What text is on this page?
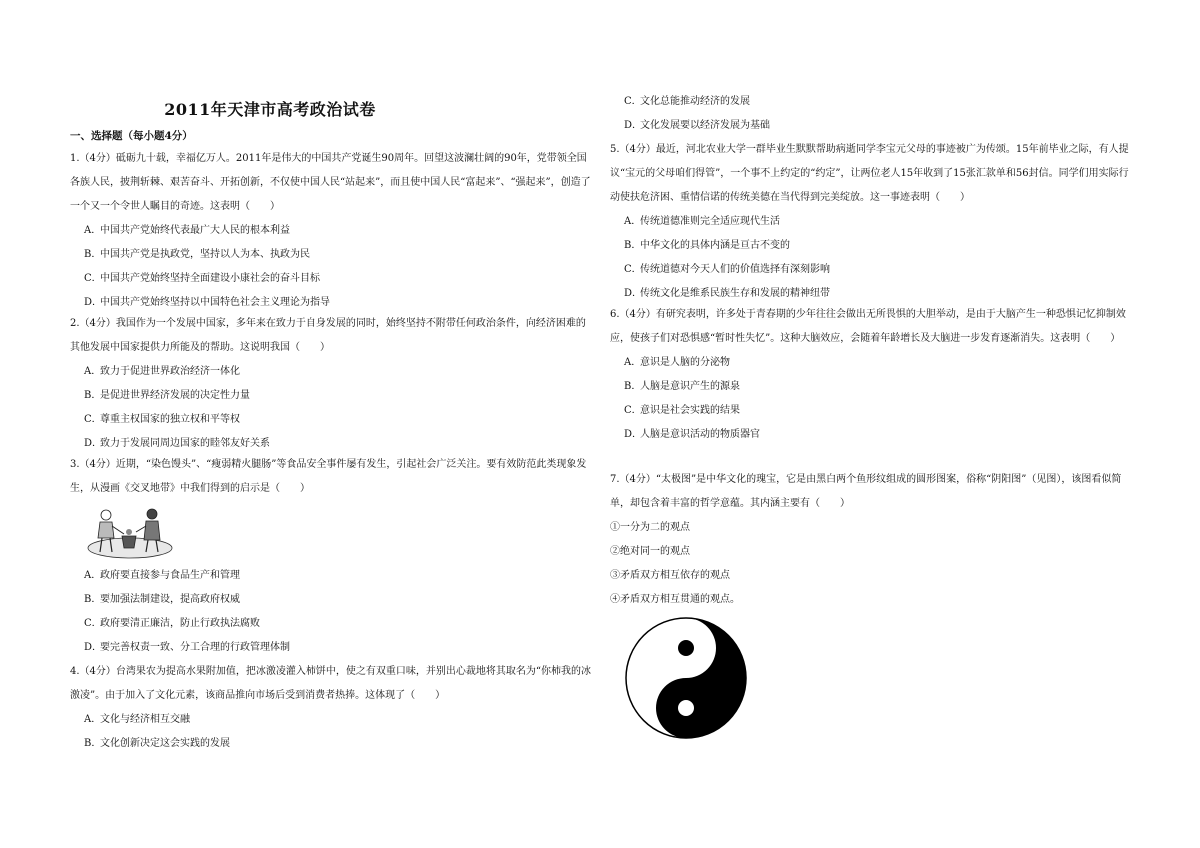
2011年天津市高考政治试卷
一、选择题（每小题4分）
1.（4分）砥砺九十载，幸福亿万人。2011年是伟大的中国共产党诞生90周年。回望这波澜壮阔的90年，党带领全国各族人民，披荆斩棘、艰苦奋斗、开拓创新，不仅使中国人民“站起来”，而且使中国人民“富起来”、“强起来”，创造了一个又一个令世人瞩目的奇迹。这表明（　　）
A．中国共产党始终代表最广大人民的根本利益
B．中国共产党是执政党，坚持以人为本、执政为民
C．中国共产党始终坚持全面建设小康社会的奋斗目标
D．中国共产党始终坚持以中国特色社会主义理论为指导
2.（4分）我国作为一个发展中国家，多年来在致力于自身发展的同时，始终坚持不附带任何政治条件，向经济困难的其他发展中国家提供力所能及的帮助。这说明我国（　　）
A．致力于促进世界政治经济一体化
B．是促进世界经济发展的决定性力量
C．尊重主权国家的独立权和平等权
D．致力于发展同周边国家的睦邻友好关系
3.（4分）近期，“染色馒头”、“瘦弱精火腿肠”等食品安全事件屡有发生，引起社会广泛关注。要有效防范此类现象发生，从漫画《交叉地带》中我们得到的启示是（　　）
A．政府要直接参与食品生产和管理
B．要加强法制建设，提高政府权威
C．政府要清正廉洁，防止行政执法腐败
D．要完善权责一致、分工合理的行政管理体制
4.（4分）台湾果农为提高水果附加值，把冰激凌灌入柿饼中，使之有双重口味，并别出心裁地将其取名为“你柿我的冰激凌”。由于加入了文化元素，该商品推向市场后受到消费者热捧。这体现了（　　）
A．文化与经济相互交融
B．文化创新决定这会实践的发展
C．文化总能推动经济的发展
D．文化发展要以经济发展为基础
5.（4分）最近，河北农业大学一群毕业生默默帮助病逝同学李宝元父母的事迹被广为传颂。15年前毕业之际，有人提议“宝元的父母咱们得管”，一个事不上约定的“约定”，让两位老人15年收到了15张汇款单和56封信。同学们用实际行动使扶危济困、重情信诺的传统美德在当代得到完美绽放。这一事迹表明（　　）
A．传统道德准则完全适应现代生活
B．中华文化的具体内涵是亘古不变的
C．传统道德对今天人们的价值选择有深刻影响
D．传统文化是维系民族生存和发展的精神纽带
6.（4分）有研究表明，许多处于青春期的少年往往会做出无所畏惧的大胆举动，是由于大脑产生一种恐惧记忆抑制效应，使孩子们对恐惧感“暂时性失忆”。这种大脑效应，会随着年龄增长及大脑进一步发育逐渐消失。这表明（　　）
A．意识是人脑的分泌物
B．人脑是意识产生的源泉
C．意识是社会实践的结果
D．人脑是意识活动的物质器官
7.（4分）“太极图”是中华文化的瑰宝，它是由黑白两个鱼形纹组成的圆形图案，俗称“阴阳图”（见图），该图看似简单，却包含着丰富的哲学意蕴。其内涵主要有（　　）
①一分为二的观点
②绝对同一的观点
③矛盾双方相互依存的观点
④矛盾双方相互贯通的观点。
